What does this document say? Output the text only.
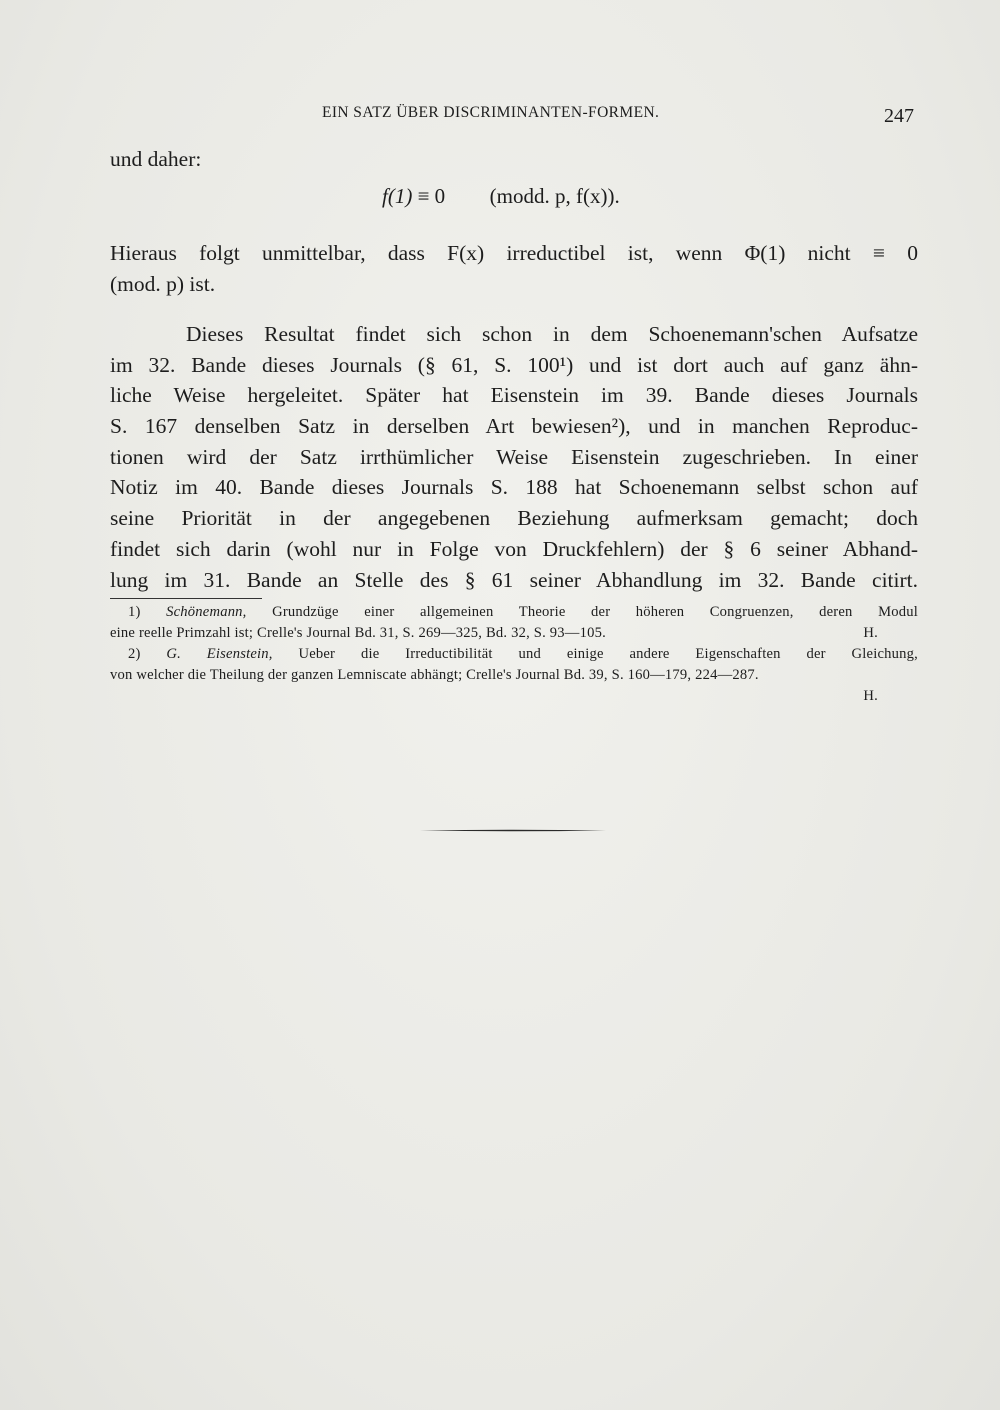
EIN SATZ ÜBER DISCRIMINANTEN-FORMEN.	247
und daher:
f(1) ≡ 0 (modd. p, f(x)).
Hieraus folgt unmittelbar, dass F(x) irreductibel ist, wenn Φ(1) nicht ≡ 0
(mod. p) ist.
Dieses Resultat findet sich schon in dem Schoenemann'schen Aufsatze
im 32. Bande dieses Journals (§ 61, S. 100¹) und ist dort auch auf ganz ähn-
liche Weise hergeleitet. Später hat Eisenstein im 39. Bande dieses Journals
S. 167 denselben Satz in derselben Art bewiesen²), und in manchen Reproduc-
tionen wird der Satz irrthümlicher Weise Eisenstein zugeschrieben. In einer
Notiz im 40. Bande dieses Journals S. 188 hat Schoenemann selbst schon auf
seine Priorität in der angegebenen Beziehung aufmerksam gemacht; doch
findet sich darin (wohl nur in Folge von Druckfehlern) der § 6 seiner Abhand-
lung im 31. Bande an Stelle des § 61 seiner Abhandlung im 32. Bande citirt.
1) Schönemann, Grundzüge einer allgemeinen Theorie der höheren Congruenzen, deren Modul
eine reelle Primzahl ist; Crelle's Journal Bd. 31, S. 269—325, Bd. 32, S. 93—105.	H.
2) G. Eisenstein, Ueber die Irreductibilität und einige andere Eigenschaften der Gleichung,
von welcher die Theilung der ganzen Lemniscate abhängt; Crelle's Journal Bd. 39, S. 160—179, 224—287.
H.
